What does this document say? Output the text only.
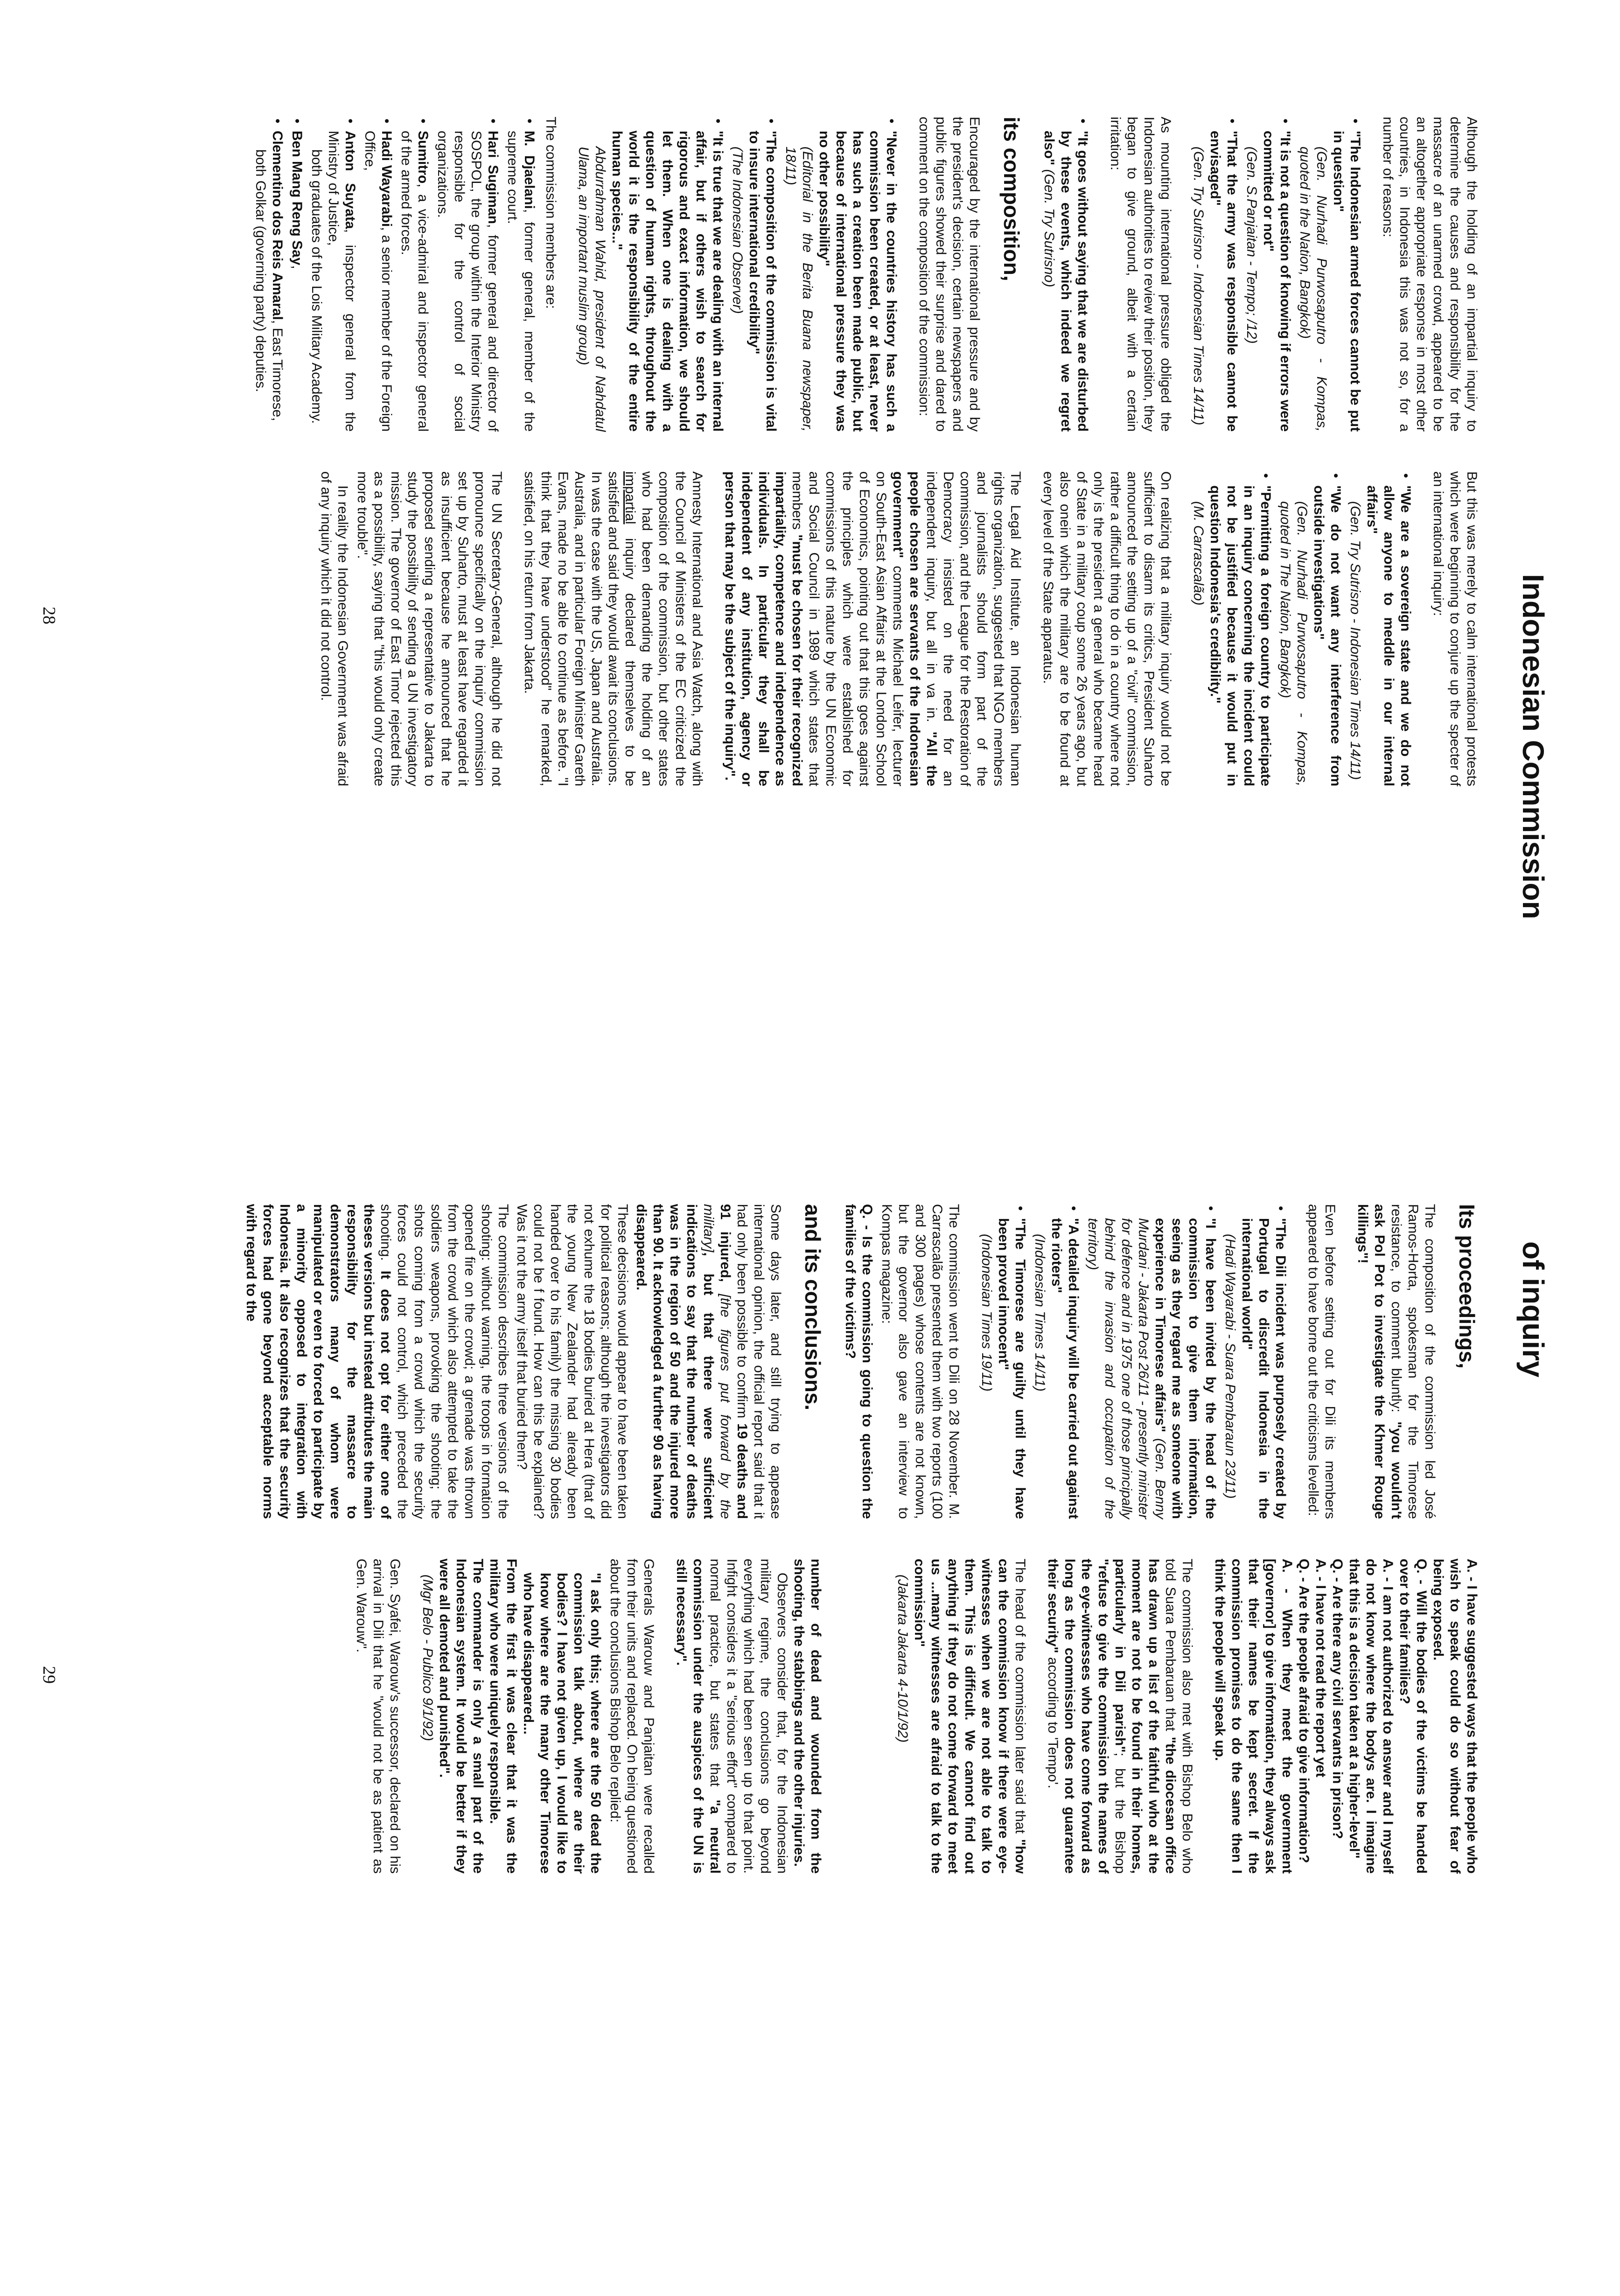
Indonesian Commission

Although the holding of an impartial inquiry to determine the causes and responsibility for the massacre of an unarmed crowd, appeared to be an altogether appropriate response in most other countries, in Indonesia this was not so, for a number of reasons:

• "The Indonesian armed forces cannot be put in question"
(Gen. Nurhadi Purwosaputro - Kompas, quoted in the Nation, Bangkok)
• "It is not a question of knowing if errors were committed or not"
(Gen. S.Panjaitan - Tempo; /12)
• "That the army was responsible cannot be envisaged"
(Gen. Try Sutrisno - Indonesian Times 14/11)

As mounting international pressure obliged the Indonesian authorities to review their position, they began to give ground, albeit with a certain irritation:

• "It goes without saying that we are disturbed by these events, which indeed we regret also" (Gen. Try Sutrisno)
its composition,

Encouraged by the international pressure and by the president's decision, certain newspapers and public figures showed their surprise and dared to comment on the composition of the commission:

• "Never in the countries history has such a commission been created, or at least, never has such a creation been made public, but because of international pressure they was no other possibility"
(Editorial in the Berita Buana newspaper, 18/11)
• "The composition of the commission is vital to insure international credibility"
(The Indonesian Observer)
• "It is true that we are dealing with an internal affair, but if others wish to search for rigorous and exact information, we should let them. When one is dealing with a question of human rights, throughout the world it is the responsibility of the entire human species..."
Abdurrahman Wahid, president of Nahdatul Ulama, an important muslim group)

The commission members are:

• M. Djaelani, former general, member of the supreme court.
• Hari Sugiman, former general and director of SOSPOL, the group within the Interior Ministry responsible for the control of social organizations.
• Sumitro, a vice-admiral and inspector general of the armed forces.
• Hadi Wayarabi, a senior member of the Foreign Office,
• Anton Suyata, inspector general from the Ministry of Justice,
both graduates of the Lois Military Academy.
• Ben Mang Reng Say,
• Clementino dos Reis Amaral, East Timorese,
both Golkar (governing party) deputies.

But this was merely to calm international protests which were beginning to conjure up the specter of an international inquiry:

• "We are a sovereign state and we do not allow anyone to meddle in our internal affairs"
(Gen. Try Sutrisno - Indonesian Times 14/11)
• "We do not want any interference from outside investigations"
(Gen. Nurhadi Purwosaputro - Kompas, quoted in The Nation, Bangkok)
• "Permitting a foreign country to participate in an inquiry concerning the incident could not be justified because it would put in question Indonesia's credibility."
(M. Carrascalão)

On realizing that a military inquiry would not be sufficient to disarm its critics, President Suharto announced the setting up of a "civil" commission, rather a difficult thing to do in a country where not only is the president a general who became head of State in a military coup some 26 years ago, but also onein which the military are to be found at every level of the State apparatus.

The Legal Aid Institute, an Indonesian human rights organization, suggested that NGO members and journalists should form part of the commission, and the League for the Restoration of Democracy insisted on the need for an independent inquiry, but all in va in. "All the people chosen are servants of the Indonesian government" comments Michael Leifer, lecturer on South-East Asian Affairs at the London School of Economics, pointing out that this goes against the principles which were established for commissions of this nature by the UN Economic and Social Council in 1989 which states that members "must be chosen for their recognized impartiality, competence and independence as individuals. In particular they shall be independent of any institution, agency or person that may be the subject of the inquiry".

Amnesty International and Asia Watch, along with the Council of Ministers of the EC criticized the composition of the commission, but other states who had been demanding the holding of an impartial inquiry declared themselves to be satisfied and said they would await its conclusions. In was the case with the US, Japan and Australia. Australia, and in particular Foreign Minister Gareth Evans, made no be able to continue as before. "I think that they have understood" he remarked, satisfied, on his return from Jakarta.

The UN Secretary-General, although he did not pronounce specifically on the inquiry commission set up by Suharto, must at least have regarded it as insufficient because he announced that he proposed sending a representative to Jakarta to study the possibility of sending a UN investigatory mission. The governor of East Timor rejected this as a possibility, saying that "this would only create more trouble".

In reality the Indonesian Government was afraid of any inquiry which it did not control.

28
of inquiry
Its proceedings,

The composition of the commission led José Ramos-Horta, spokesman for the Timorese resistance, to comment bluntly: "you wouldn't ask Pol Pot to investigate the Khmer Rouge killings"!

Even before setting out for Dili its members appeared to have borne out the criticisms levelled:

• "The Dili incident was purposely created by Portugal to discredit Indonesia in the international world"
(Hadi Wayarabi - Suara Pembaraun 23/11)
• "I have been invited by the head of the commission to give them information, seeing as they regard me as someone with experience in Timorese affairs" (Gen. Benny Murdani - Jakarta Post 26/11 - presently minister for defence and in 1975 one of those principally behind the invasion and occupation of the territory)
• "A detailed inquiry will be carried out against the rioters"
(Indonesian Times 14/11)
• "The Timorese are guilty until they have been proved innocent"
(Indonesian Times 19/11)

The commission went to Dili on 28 November. M. Carrascalão presented them with two reports (100 and 300 pages) whose contents are not known, but the governor also gave an interview to Kompas magazine:

Q. - Is the commission going to question the families of the victims?

and its conclusions.

Some days later, and still trying to appease international opinion, the official report said that it had only been possible to confirm 19 deaths and 91 injured, [the figures put forward by the military], but that there were sufficient indications to say that the number of deaths was in the region of 50 and the injured more than 90. It acknowledged a further 90 as having disappeared.

These decisions would appear to have been taken for political reasons; although the investigators did not exhume the 18 bodies buried at Hera (that of the young New Zealander had already been handed over to his family) the missing 30 bodies could not be f found. How can this be explained? Was it not the army itself that buried them?

The commission describes three versions of the shooting: without warning, the troops in formation opened fire on the crowd; a grenade was thrown from the crowd which also attempted to take the soldiers weapons, provoking the shooting; the shots coming from a crowd which the security forces could not control, which preceded the shooting. It does not opt for either one of theses versions but instead attributes the main responsibility for the massacre to demonstrators many of whom were manipulated or even to forced to participate by a minority opposed to integration with Indonesia. It also recognizes that the security forces had gone beyond acceptable norms with regard to the

A. - I have suggested ways that the people who wish to speak could do so without fear of being exposed.
Q. - Will the bodies of the victims be handed over to their families?
A. - I am not authorized to answer and I myself do not know where the bodys are. I imagine that this is a decision taken at a higher-level"
Q. - Are there any civil servants in prison?
A. - I have not read the report yet
Q. - Are the people afraid to give information?
A. - When they meet the government [governor] to give information, they always ask that their names be kept secret. If the commission promises to do the same then I think the people will speak up.

The commission also met with Bishop Belo who told Suara Pembaruan that "the diocesan office has drawn up a list of the faithful who at the moment are not to be found in their homes, particularly in Dili parish"; but the Bishop "refuse to give the commission the names of the eye-witnesses who have come forward as long as the commission does not guarantee their security" according to 'Tempo'.

The head of the commission later said that "how can the commission know if there were eye-witnesses when we are not able to talk to them. This is difficult. We cannot find out anything if they do not come forward to meet us ...many witnesses are afraid to talk to the commission"
(Jakarta Jakarta 4-10/1/92)

number of dead and wounded from the shooting, the stabbings and the other injuries.
Observers consider that, for the Indonesian military regime, the conclusions go beyond everything which had been seen up to that point. Infight considers it a "serious effort" compared to normal practice, but states that "a neutral commission under the auspices of the UN is still necessary".

Generals Warouw and Panjaitan were recalled from their units and replaced. On being questioned about the conclusions Bishop Belo replied:

"I ask only this; where are the 50 dead the commission talk about, where are their bodies? I have not given up, I would like to know where are the many other Timorese who have disappeared...
From the first it was clear that it was the military who were uniquely responsible.
The commander is only a small part of the Indonesian system. It would be better if they were all demoted and punished".
(Mgr Belo - Publico 9/1/92)

Gen. Syafei, Warouw's successor, declared on his arrival in Dili that he "would not be as patient as Gen. Warouw".

29
